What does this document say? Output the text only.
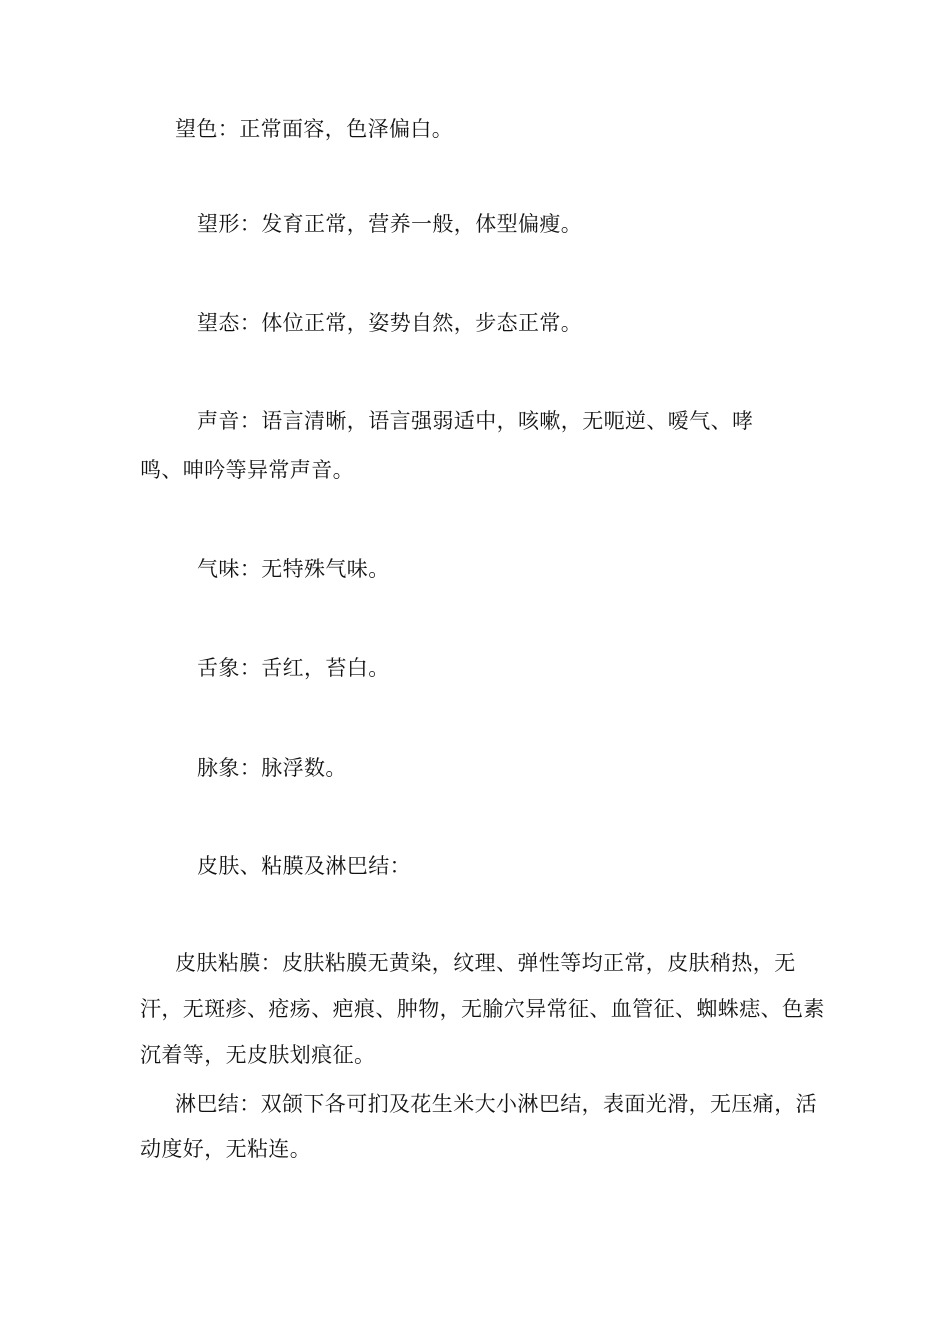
望色：正常面容，色泽偏白。
望形：发育正常，营养一般，体型偏瘦。
望态：体位正常，姿势自然，步态正常。
声音：语言清晰，语言强弱适中，咳嗽，无呃逆、嗳气、哮
鸣、呻吟等异常声音。
气味：无特殊气味。
舌象：舌红，苔白。
脉象：脉浮数。
皮肤、粘膜及淋巴结：
皮肤粘膜：皮肤粘膜无黄染，纹理、弹性等均正常，皮肤稍热，无汗，无斑疹、疮疡、疤痕、肿物，无腧穴异常征、血管征、蜘蛛痣、色素沉着等，无皮肤划痕征。
淋巴结：双颌下各可扪及花生米大小淋巴结，表面光滑，无压痛，活动度好，无粘连。
